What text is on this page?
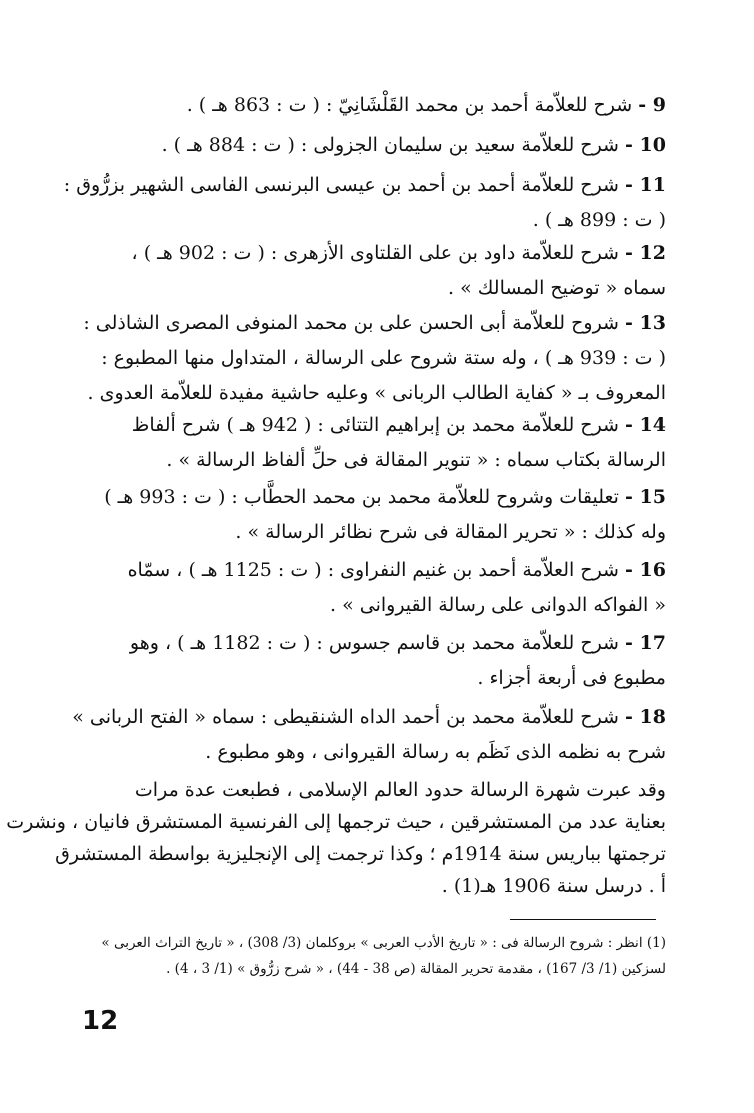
9 - شرح للعلاّمة أحمد بن محمد القَلْشَانِيّ : ( ت : 863 هـ ) .
10 - شرح للعلاّمة سعيد بن سليمان الجزولى : ( ت : 884 هـ ) .
11 - شرح للعلاّمة أحمد بن أحمد بن عيسى البرنسى الفاسى الشهير بزرُّوق :
( ت : 899 هـ ) .
12 - شرح للعلاّمة داود بن على القلتاوى الأزهرى : ( ت : 902 هـ ) ،
سماه « توضيح المسالك » .
13 - شروح للعلاّمة أبى الحسن على بن محمد المنوفى المصرى الشاذلى :
( ت : 939 هـ ) ، وله ستة شروح على الرسالة ، المتداول منها المطبوع :
المعروف بـ « كفاية الطالب الربانى » وعليه حاشية مفيدة للعلاّمة العدوى .
14 - شرح للعلاّمة محمد بن إبراهيم التتائى : ( 942 هـ ) شرح ألفاظ
الرسالة بكتاب سماه : « تنوير المقالة فى حلِّ ألفاظ الرسالة » .
15 - تعليقات وشروح للعلاّمة محمد بن محمد الحطَّاب : ( ت : 993 هـ )
وله كذلك : « تحرير المقالة فى شرح نظائر الرسالة » .
16 - شرح العلاّمة أحمد بن غنيم النفراوى : ( ت : 1125 هـ ) ، سمّاه
« الفواكه الدوانى على رسالة القيروانى » .
17 - شرح للعلاّمة محمد بن قاسم جسوس : ( ت : 1182 هـ ) ، وهو
مطبوع فى أربعة أجزاء .
18 - شرح للعلاّمة محمد بن أحمد الداه الشنقيطى : سماه « الفتح الربانى »
شرح به نظمه الذى نَظَم به رسالة القيروانى ، وهو مطبوع .
وقد عبرت شهرة الرسالة حدود العالم الإسلامى ، فطبعت عدة مرات
بعناية عدد من المستشرقين ، حيث ترجمها إلى الفرنسية المستشرق فانيان ، ونشرت
ترجمتها بباريس سنة 1914م ؛ وكذا ترجمت إلى الإنجليزية بواسطة المستشرق
أ . درسل سنة 1906 هـ(1) .
(1) انظر : شروح الرسالة فى : « تاريخ الأدب العربى » بروكلمان (3/ 308) ، « تاريخ التراث العربى »
لسزكين (1/ 3/ 167) ، مقدمة تحرير المقالة (ص 38 - 44) ، « شرح زرُّوق » (1/ 3 ، 4) .
12
